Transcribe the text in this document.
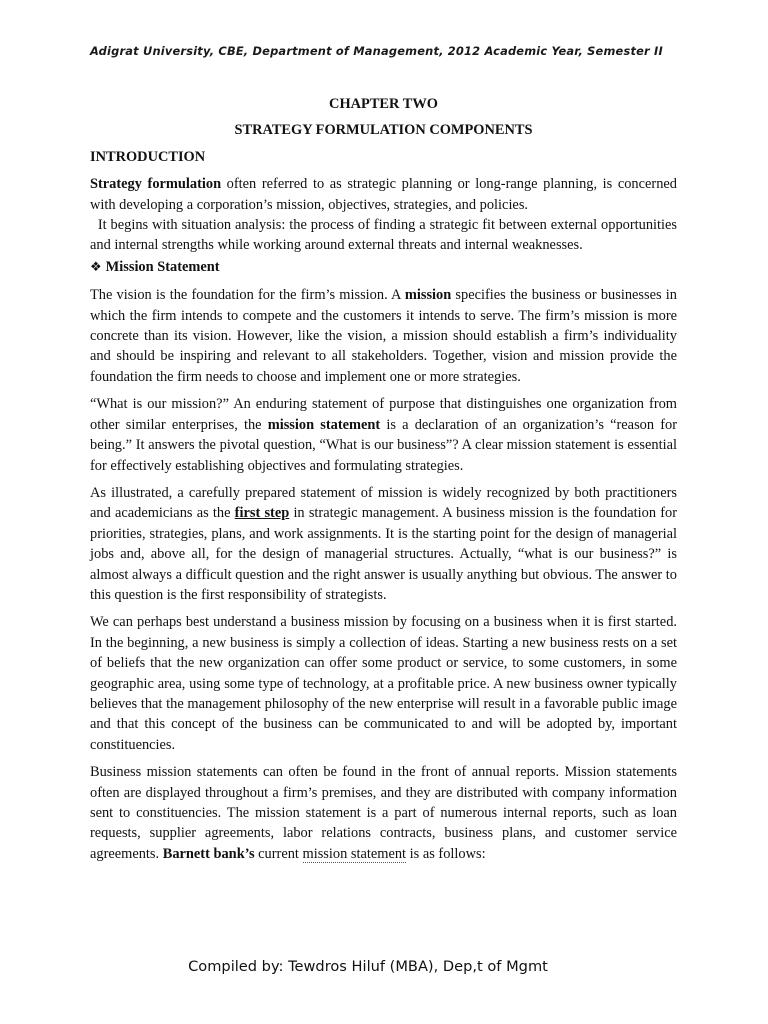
Adigrat University, CBE, Department of Management, 2012 Academic Year, Semester II
CHAPTER TWO
STRATEGY FORMULATION COMPONENTS
INTRODUCTION

Strategy formulation often referred to as strategic planning or long-range planning, is concerned with developing a corporation’s mission, objectives, strategies, and policies.

It begins with situation analysis: the process of finding a strategic fit between external opportunities and internal strengths while working around external threats and internal weaknesses.

❖ Mission Statement

The vision is the foundation for the firm’s mission. A mission specifies the business or businesses in which the firm intends to compete and the customers it intends to serve. The firm’s mission is more concrete than its vision. However, like the vision, a mission should establish a firm’s individuality and should be inspiring and relevant to all stakeholders. Together, vision and mission provide the foundation the firm needs to choose and implement one or more strategies.

“What is our mission?” An enduring statement of purpose that distinguishes one organization from other similar enterprises, the mission statement is a declaration of an organization’s “reason for being.” It answers the pivotal question, “What is our business”? A clear mission statement is essential for effectively establishing objectives and formulating strategies.

As illustrated, a carefully prepared statement of mission is widely recognized by both practitioners and academicians as the first step in strategic management. A business mission is the foundation for priorities, strategies, plans, and work assignments. It is the starting point for the design of managerial jobs and, above all, for the design of managerial structures. Actually, “what is our business?” is almost always a difficult question and the right answer is usually anything but obvious. The answer to this question is the first responsibility of strategists.

We can perhaps best understand a business mission by focusing on a business when it is first started. In the beginning, a new business is simply a collection of ideas. Starting a new business rests on a set of beliefs that the new organization can offer some product or service, to some customers, in some geographic area, using some type of technology, at a profitable price. A new business owner typically believes that the management philosophy of the new enterprise will result in a favorable public image and that this concept of the business can be communicated to and will be adopted by, important constituencies.

Business mission statements can often be found in the front of annual reports. Mission statements often are displayed throughout a firm’s premises, and they are distributed with company information sent to constituencies. The mission statement is a part of numerous internal reports, such as loan requests, supplier agreements, labor relations contracts, business plans, and customer service agreements. Barnett bank’s current mission statement is as follows:

Compiled by: Tewdros Hiluf (MBA), Dep,t of Mgmt
